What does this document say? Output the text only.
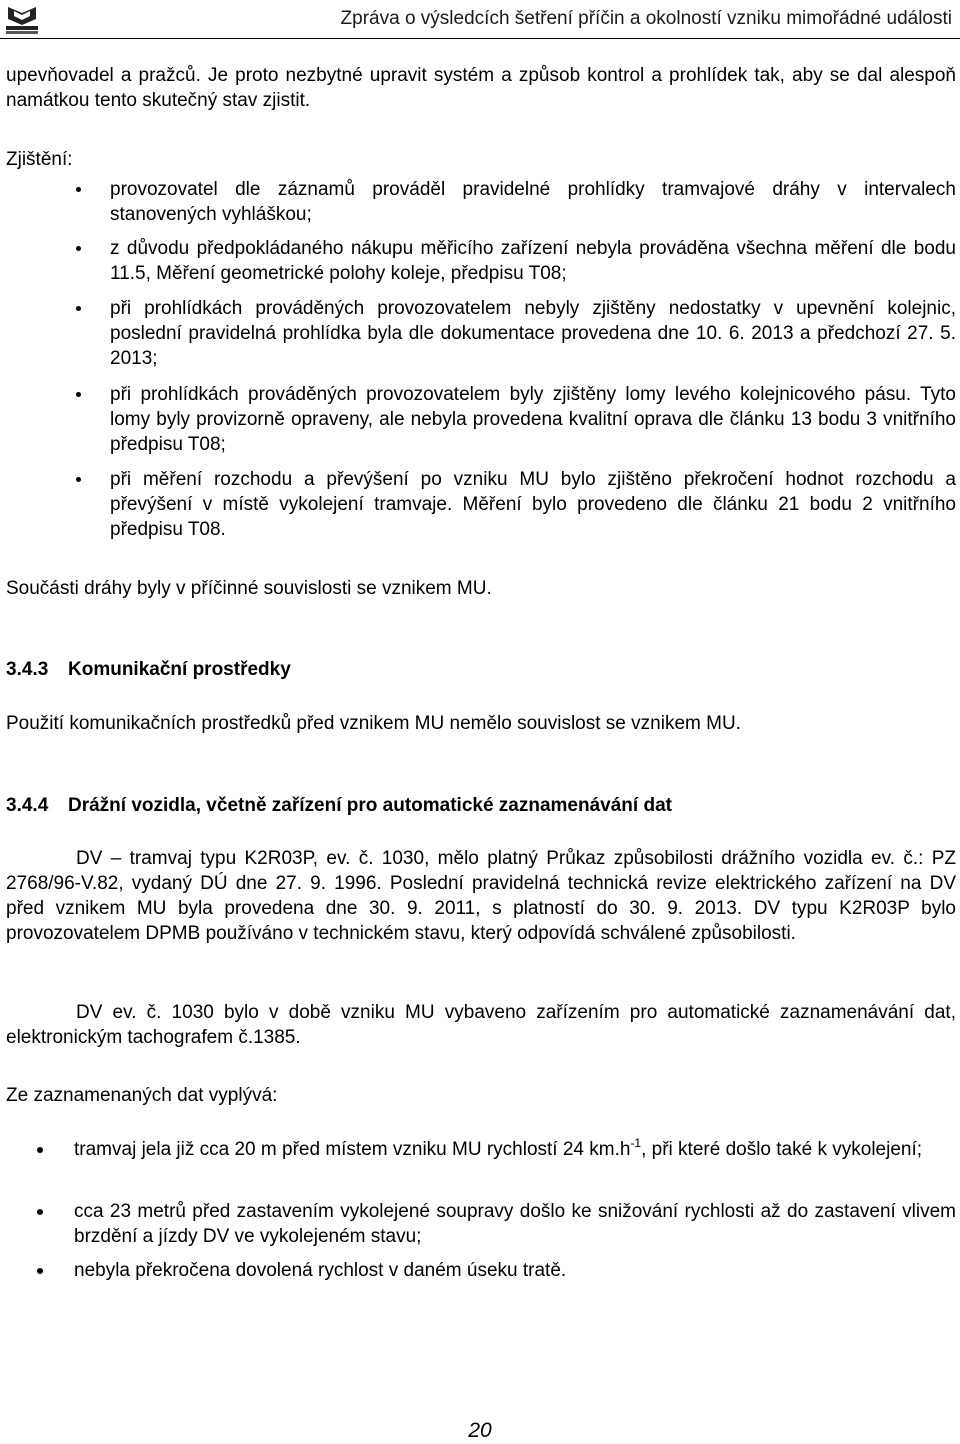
Zpráva o výsledcích šetření příčin a okolností vzniku mimořádné události
upevňovadel a pražců. Je proto nezbytné upravit systém a způsob kontrol a prohlídek tak, aby se dal alespoň namátkou tento skutečný stav zjistit.
Zjištění:
provozovatel dle záznamů prováděl pravidelné prohlídky tramvajové dráhy v intervalech stanovených vyhláškou;
z důvodu předpokládaného nákupu měřicího zařízení nebyla prováděna všechna měření dle bodu 11.5, Měření geometrické polohy koleje, předpisu T08;
při prohlídkách prováděných provozovatelem nebyly zjištěny nedostatky v upevnění kolejnic, poslední pravidelná prohlídka byla dle dokumentace provedena dne 10. 6. 2013 a předchozí 27. 5. 2013;
při prohlídkách prováděných provozovatelem byly zjištěny lomy levého kolejnicového pásu. Tyto lomy byly provizorně opraveny, ale nebyla provedena kvalitní oprava dle článku 13 bodu 3 vnitřního předpisu T08;
při měření rozchodu a převýšení po vzniku MU bylo zjištěno překročení hodnot rozchodu a převýšení v místě vykolejení tramvaje. Měření bylo provedeno dle článku 21 bodu 2 vnitřního předpisu T08.
Součásti dráhy byly v příčinné souvislosti se vznikem MU.
3.4.3 Komunikační prostředky
Použití komunikačních prostředků před vznikem MU nemělo souvislost se vznikem MU.
3.4.4 Drážní vozidla, včetně zařízení pro automatické zaznamenávání dat
DV – tramvaj typu K2R03P, ev. č. 1030, mělo platný Průkaz způsobilosti drážního vozidla ev. č.: PZ 2768/96-V.82, vydaný DÚ dne 27. 9. 1996. Poslední pravidelná technická revize elektrického zařízení na DV před vznikem MU byla provedena dne 30. 9. 2011, s platností do 30. 9. 2013. DV typu K2R03P bylo provozovatelem DPMB používáno v technickém stavu, který odpovídá schválené způsobilosti.
DV ev. č. 1030 bylo v době vzniku MU vybaveno zařízením pro automatické zaznamenávání dat, elektronickým tachografem č.1385.
Ze zaznamenaných dat vyplývá:
tramvaj jela již cca 20 m před místem vzniku MU rychlostí 24 $km.h^{-1}$, při které došlo také k vykolejení;
cca 23 metrů před zastavením vykolejené soupravy došlo ke snižování rychlosti až do zastavení vlivem brzdění a jízdy DV ve vykolejeném stavu;
nebyla překročena dovolená rychlost v daném úseku tratě.
20
